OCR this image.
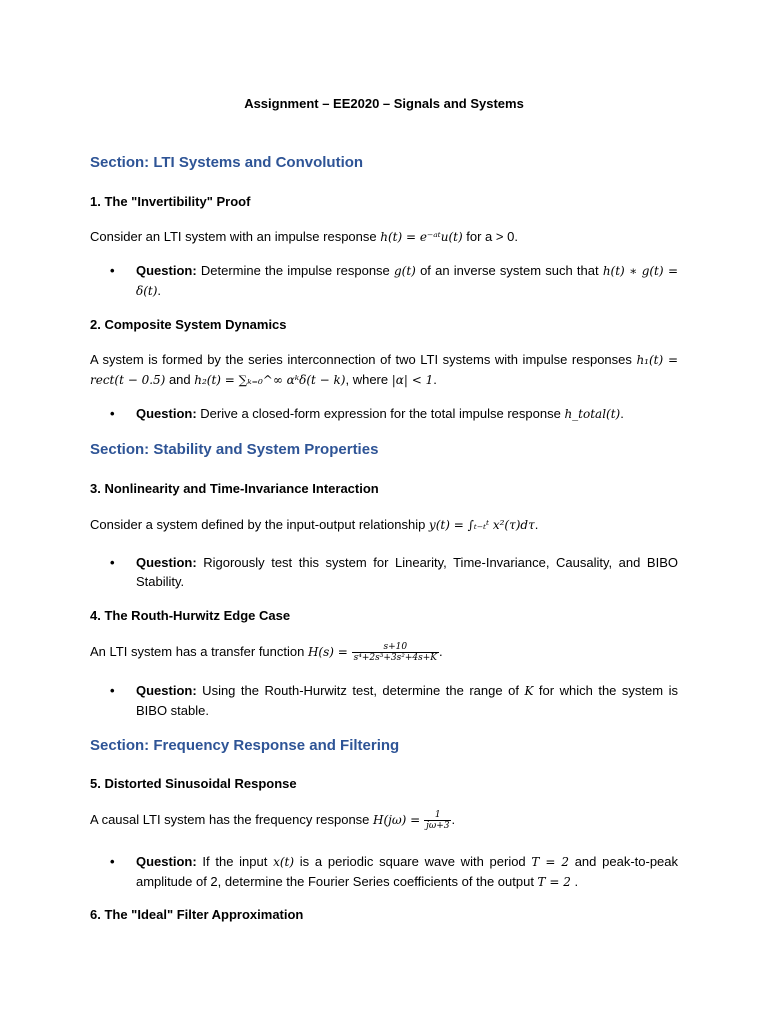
Assignment – EE2020 – Signals and Systems
Section: LTI Systems and Convolution
1. The "Invertibility" Proof
Consider an LTI system with an impulse response h(t) = e⁻ᵃᵗu(t) for a > 0.
• Question: Determine the impulse response g(t) of an inverse system such that h(t) ∗ g(t) = δ(t).
2. Composite System Dynamics
A system is formed by the series interconnection of two LTI systems with impulse responses h₁(t) = rect(t − 0.5) and h₂(t) = ∑ₖ₌₀^∞ αᵏδ(t − k), where |α| < 1.
• Question: Derive a closed-form expression for the total impulse response h_total(t).
Section: Stability and System Properties
3. Nonlinearity and Time-Invariance Interaction
Consider a system defined by the input-output relationship y(t) = ∫ₜ₋ₜᵗ x²(τ)dτ.
• Question: Rigorously test this system for Linearity, Time-Invariance, Causality, and BIBO Stability.
4. The Routh-Hurwitz Edge Case
An LTI system has a transfer function $H(s) = \frac{s+10}{\text{s⁴+2s³+3s²+4s+K}}$ .
• Question: Using the Routh-Hurwitz test, determine the range of K for which the system is BIBO stable.
Section: Frequency Response and Filtering
5. Distorted Sinusoidal Response
A causal LTI system has the frequency response $H(j\omega) = \frac{1}{j\omega+3}$ .
• Question: If the input x(t) is a periodic square wave with period T = 2 and peak-to-peak amplitude of 2, determine the Fourier Series coefficients of the output T = 2 .
6. The "Ideal" Filter Approximation
